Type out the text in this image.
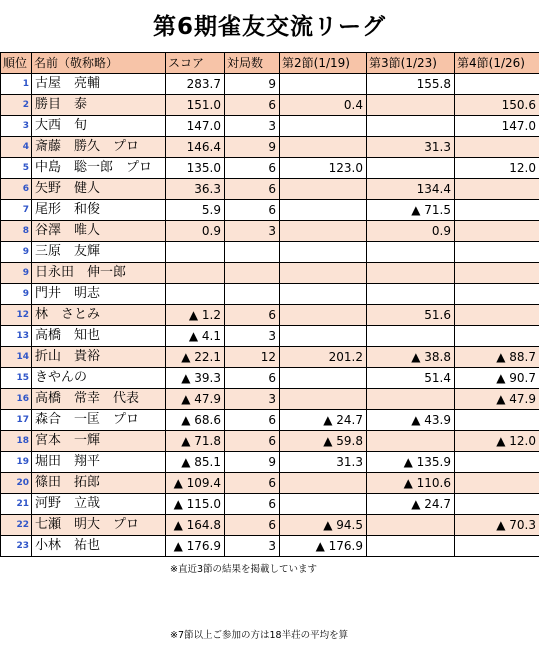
第6期雀友交流リーグ
順位	名前（敬称略）	スコア	対局数	第2節(1/19)	第3節(1/23)	第4節(1/26)
1	古屋　亮輔	283.7	9		155.8	
2	勝目　泰	151.0	6	0.4		150.6
3	大西　旬	147.0	3			147.0
4	斎藤　勝久　プロ	146.4	9		31.3	
5	中島　聡一郎　プロ	135.0	6	123.0		12.0
6	矢野　健人	36.3	6		134.4	
7	尾形　和俊	5.9	6		▲ 71.5	
8	谷澤　唯人	0.9	3		0.9	
9	三原　友輝					
9	日永田　伸一郎					
9	門井　明志					
12	林　さとみ	▲ 1.2	6		51.6	
13	高橋　知也	▲ 4.1	3			
14	折山　貴裕	▲ 22.1	12	201.2	▲ 38.8	▲ 88.7
15	きやんの	▲ 39.3	6		51.4	▲ 90.7
16	高橋　常幸　代表	▲ 47.9	3			▲ 47.9
17	森合　一匡　プロ	▲ 68.6	6	▲ 24.7	▲ 43.9	
18	宮本　一輝	▲ 71.8	6	▲ 59.8		▲ 12.0
19	堀田　翔平	▲ 85.1	9	31.3	▲ 135.9	
20	篠田　拓郎	▲ 109.4	6		▲ 110.6	
21	河野　立哉	▲ 115.0	6		▲ 24.7	
22	七瀬　明大　プロ	▲ 164.8	6	▲ 94.5		▲ 70.3
23	小林　祐也	▲ 176.9	3	▲ 176.9		

※直近3節の結果を掲載しています

※7節以上ご参加の方は18半荘の平均を算
